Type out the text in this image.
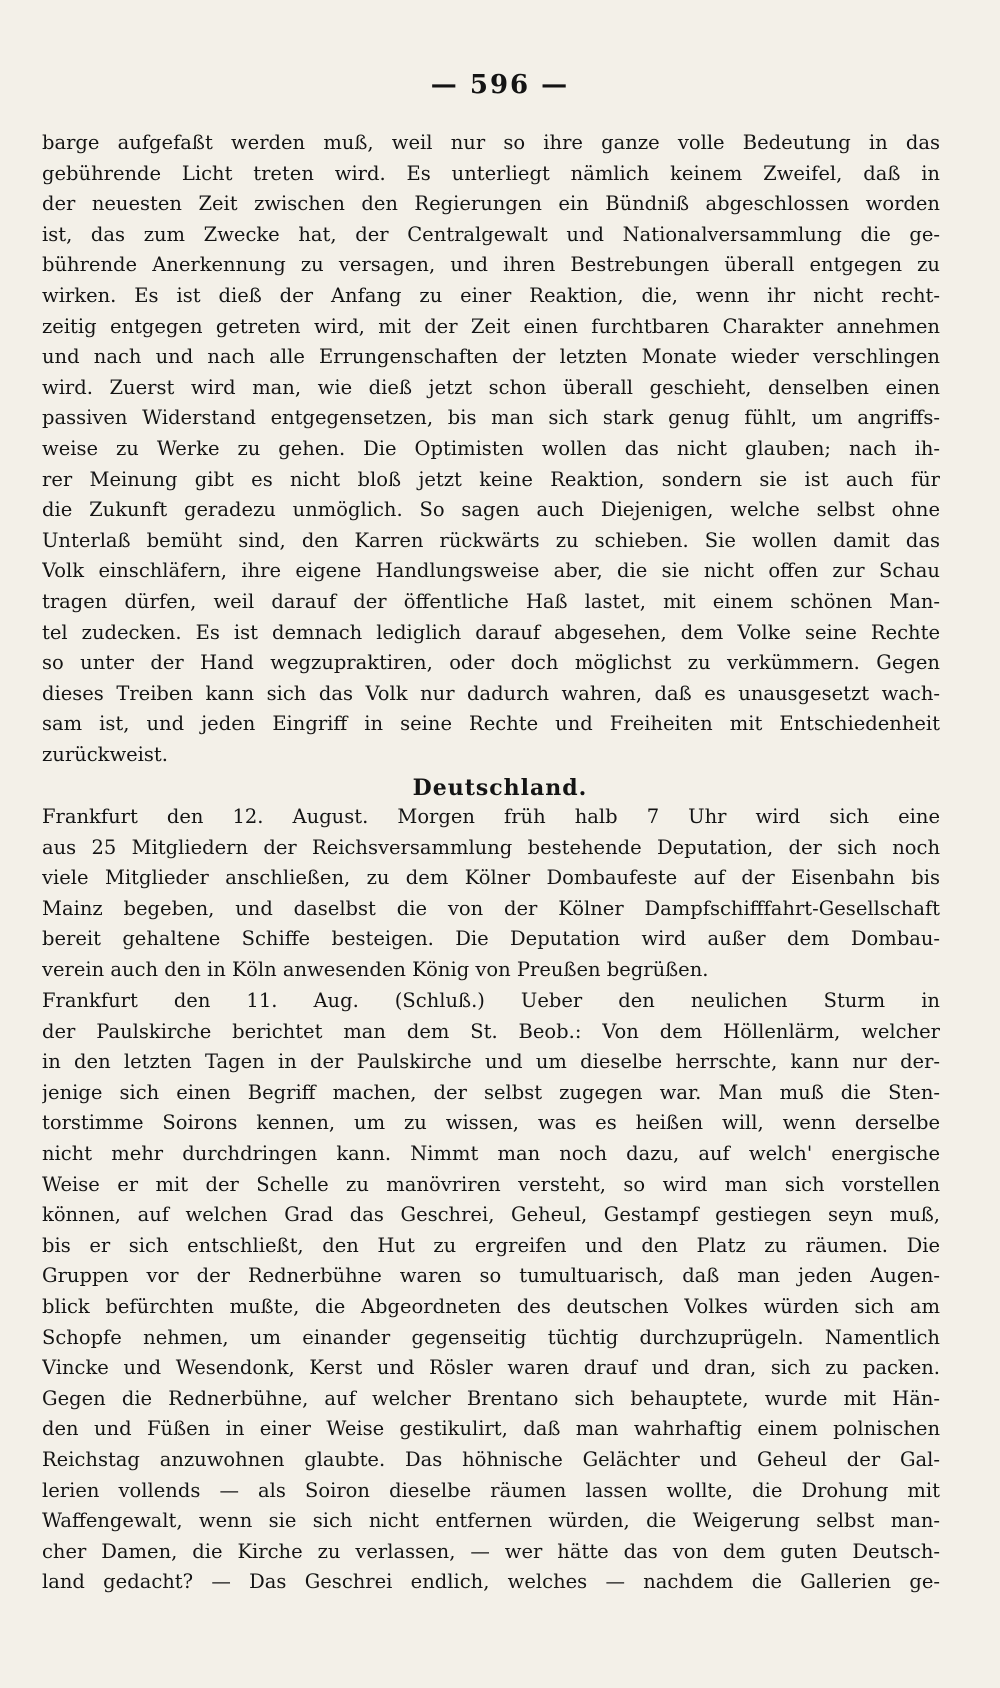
— 596 —
barge aufgefaßt werden muß, weil nur so ihre ganze volle Bedeutung in das
gebührende Licht treten wird. Es unterliegt nämlich keinem Zweifel, daß in
der neuesten Zeit zwischen den Regierungen ein Bündniß abgeschlossen worden
ist, das zum Zwecke hat, der Centralgewalt und Nationalversammlung die ge-
bührende Anerkennung zu versagen, und ihren Bestrebungen überall entgegen zu
wirken. Es ist dieß der Anfang zu einer Reaktion, die, wenn ihr nicht recht-
zeitig entgegen getreten wird, mit der Zeit einen furchtbaren Charakter annehmen
und nach und nach alle Errungenschaften der letzten Monate wieder verschlingen
wird. Zuerst wird man, wie dieß jetzt schon überall geschieht, denselben einen
passiven Widerstand entgegensetzen, bis man sich stark genug fühlt, um angriffs-
weise zu Werke zu gehen. Die Optimisten wollen das nicht glauben; nach ih-
rer Meinung gibt es nicht bloß jetzt keine Reaktion, sondern sie ist auch für
die Zukunft geradezu unmöglich. So sagen auch Diejenigen, welche selbst ohne
Unterlaß bemüht sind, den Karren rückwärts zu schieben. Sie wollen damit das
Volk einschläfern, ihre eigene Handlungsweise aber, die sie nicht offen zur Schau
tragen dürfen, weil darauf der öffentliche Haß lastet, mit einem schönen Man-
tel zudecken. Es ist demnach lediglich darauf abgesehen, dem Volke seine Rechte
so unter der Hand wegzupraktiren, oder doch möglichst zu verkümmern. Gegen
dieses Treiben kann sich das Volk nur dadurch wahren, daß es unausgesetzt wach-
sam ist, und jeden Eingriff in seine Rechte und Freiheiten mit Entschiedenheit
zurückweist.
Deutschland.
Frankfurt den 12. August. Morgen früh halb 7 Uhr wird sich eine
aus 25 Mitgliedern der Reichsversammlung bestehende Deputation, der sich noch
viele Mitglieder anschließen, zu dem Kölner Dombaufeste auf der Eisenbahn bis
Mainz begeben, und daselbst die von der Kölner Dampfschifffahrt-Gesellschaft
bereit gehaltene Schiffe besteigen. Die Deputation wird außer dem Dombau-
verein auch den in Köln anwesenden König von Preußen begrüßen.
Frankfurt den 11. Aug. (Schluß.) Ueber den neulichen Sturm in
der Paulskirche berichtet man dem St. Beob.: Von dem Höllenlärm, welcher
in den letzten Tagen in der Paulskirche und um dieselbe herrschte, kann nur der-
jenige sich einen Begriff machen, der selbst zugegen war. Man muß die Sten-
torstimme Soirons kennen, um zu wissen, was es heißen will, wenn derselbe
nicht mehr durchdringen kann. Nimmt man noch dazu, auf welch' energische
Weise er mit der Schelle zu manövriren versteht, so wird man sich vorstellen
können, auf welchen Grad das Geschrei, Geheul, Gestampf gestiegen seyn muß,
bis er sich entschließt, den Hut zu ergreifen und den Platz zu räumen. Die
Gruppen vor der Rednerbühne waren so tumultuarisch, daß man jeden Augen-
blick befürchten mußte, die Abgeordneten des deutschen Volkes würden sich am
Schopfe nehmen, um einander gegenseitig tüchtig durchzuprügeln. Namentlich
Vincke und Wesendonk, Kerst und Rösler waren drauf und dran, sich zu packen.
Gegen die Rednerbühne, auf welcher Brentano sich behauptete, wurde mit Hän-
den und Füßen in einer Weise gestikulirt, daß man wahrhaftig einem polnischen
Reichstag anzuwohnen glaubte. Das höhnische Gelächter und Geheul der Gal-
lerien vollends — als Soiron dieselbe räumen lassen wollte, die Drohung mit
Waffengewalt, wenn sie sich nicht entfernen würden, die Weigerung selbst man-
cher Damen, die Kirche zu verlassen, — wer hätte das von dem guten Deutsch-
land gedacht? — Das Geschrei endlich, welches — nachdem die Gallerien ge-
